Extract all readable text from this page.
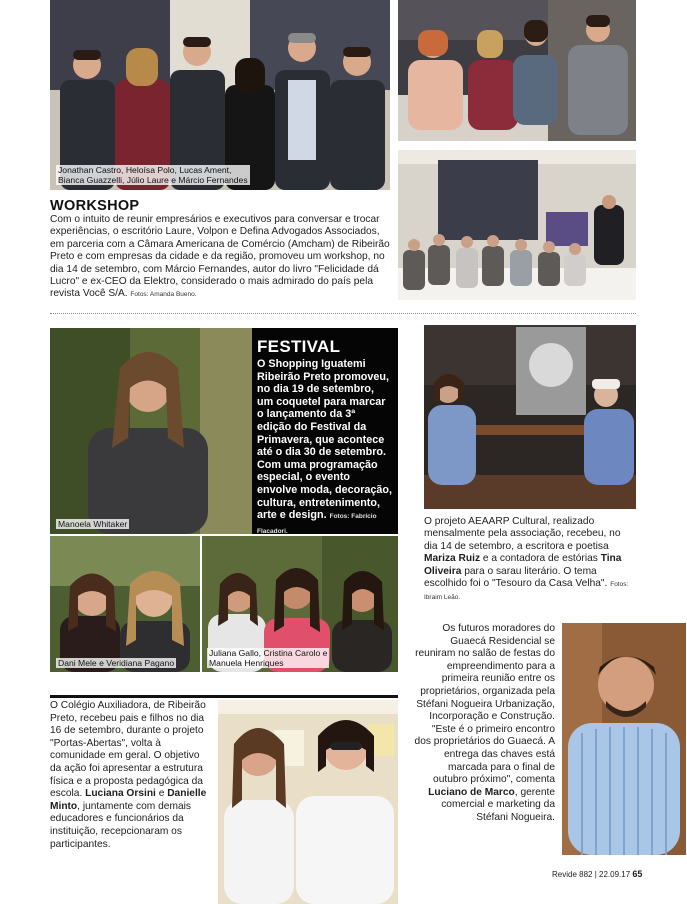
Jonathan Castro, Heloísa Polo, Lucas Ament,
Bianca Guazzelli, Júlio Laure e Márcio Fernandes
WORKSHOP
Com o intuito de reunir empresários e executivos para conversar e trocar experiências, o escritório Laure, Volpon e Defina Advogados Associados, em parceria com a Câmara Americana de Comércio (Amcham) de Ribeirão Preto e com empresas da cidade e da região, promoveu um workshop, no dia 14 de setembro, com Márcio Fernandes, autor do livro "Felicidade dá Lucro" e ex-CEO da Elektro, considerado o mais admirado do país pela revista Você S/A. Fotos: Amanda Bueno.
Manoela Whitaker
FESTIVAL

O Shopping Iguatemi Ribeirão Preto promoveu, no dia 19 de setembro, um coquetel para marcar o lançamento da 3ª edição do Festival da Primavera, que acontece até o dia 30 de setembro. Com uma programação especial, o evento envolve moda, decoração, cultura, entretenimento, arte e design. Fotos: Fabrício Flacadori.

Dani Mele e Veridiana Pagano
Juliana Gallo, Cristina Carolo e
Manuela Henriques
O projeto AEAARP Cultural, realizado mensalmente pela associação, recebeu, no dia 14 de setembro, a escritora e poetisa Mariza Ruiz e a contadora de estórias Tina Oliveira para o sarau literário. O tema escolhido foi o "Tesouro da Casa Velha". Fotos: Ibraim Leão.
O Colégio Auxiliadora, de Ribeirão Preto, recebeu pais e filhos no dia 16 de setembro, durante o projeto "Portas-Abertas", volta à comunidade em geral. O objetivo da ação foi apresentar a estrutura física e a proposta pedagógica da escola. Luciana Orsini e Danielle Minto, juntamente com demais educadores e funcionários da instituição, recepcionaram os participantes.
Os futuros moradores do Guaecá Residencial se reuniram no salão de festas do empreendimento para a primeira reunião entre os proprietários, organizada pela Stéfani Nogueira Urbanização, Incorporação e Construção. "Este é o primeiro encontro dos proprietários do Guaecá. A entrega das chaves está marcada para o final de outubro próximo", comenta Luciano de Marco, gerente comercial e marketing da Stéfani Nogueira.
Revide 882 | 22.09.17 65
